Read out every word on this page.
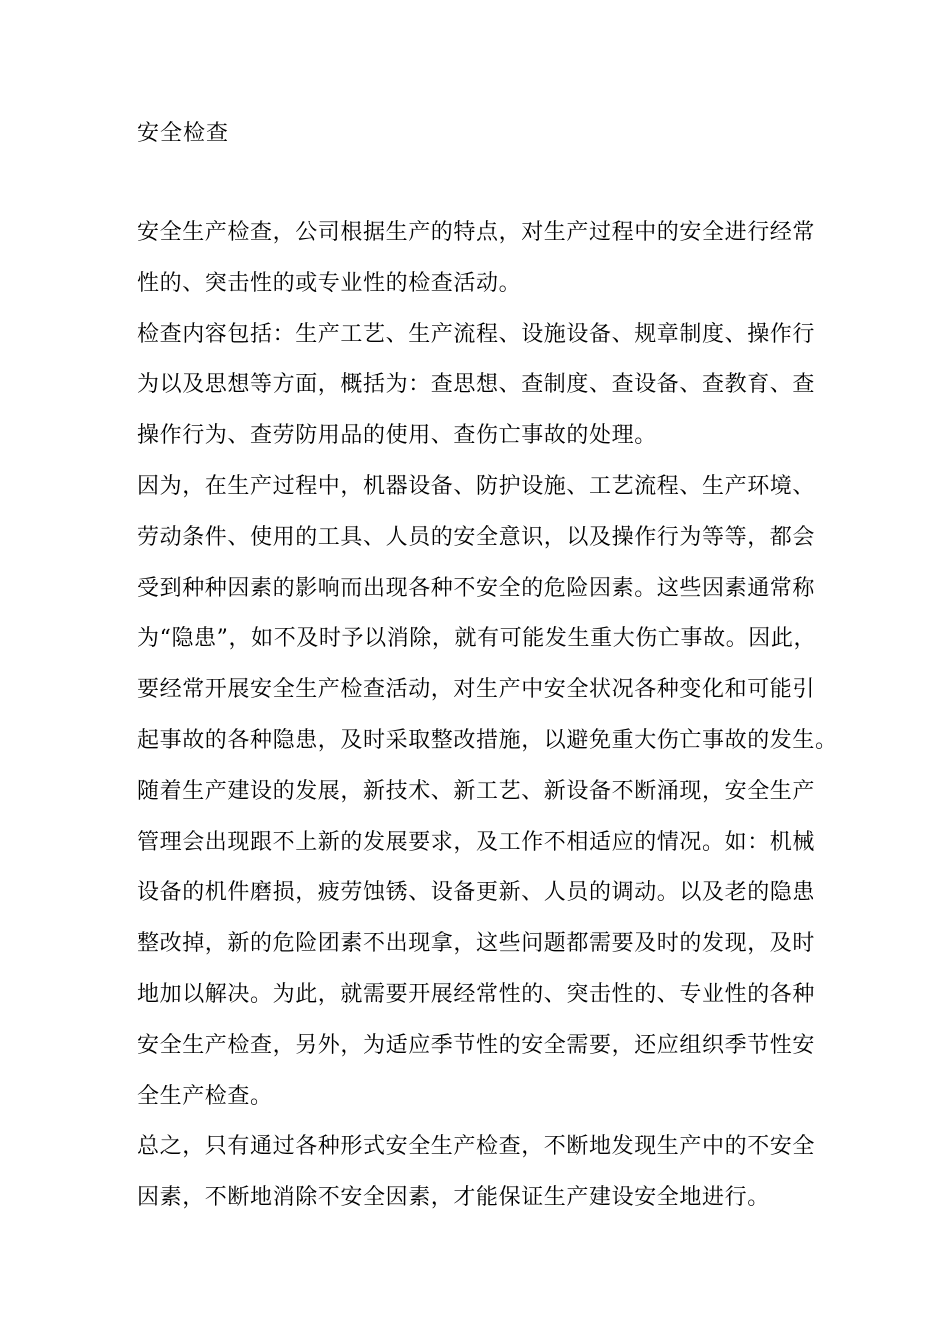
安全检查
安全生产检查，公司根据生产的特点，对生产过程中的安全进行经常
性的、突击性的或专业性的检查活动。
检查内容包括：生产工艺、生产流程、设施设备、规章制度、操作行
为以及思想等方面，概括为：查思想、查制度、查设备、查教育、查
操作行为、查劳防用品的使用、查伤亡事故的处理。
因为，在生产过程中，机器设备、防护设施、工艺流程、生产环境、
劳动条件、使用的工具、人员的安全意识，以及操作行为等等，都会
受到种种因素的影响而出现各种不安全的危险因素。这些因素通常称
为“隐患”，如不及时予以消除，就有可能发生重大伤亡事故。因此，
要经常开展安全生产检查活动，对生产中安全状况各种变化和可能引
起事故的各种隐患，及时采取整改措施，以避免重大伤亡事故的发生。
随着生产建设的发展，新技术、新工艺、新设备不断涌现，安全生产
管理会出现跟不上新的发展要求，及工作不相适应的情况。如：机械
设备的机件磨损，疲劳蚀锈、设备更新、人员的调动。以及老的隐患
整改掉，新的危险团素不出现拿，这些问题都需要及时的发现，及时
地加以解决。为此，就需要开展经常性的、突击性的、专业性的各种
安全生产检查，另外，为适应季节性的安全需要，还应组织季节性安
全生产检查。
总之，只有通过各种形式安全生产检查，不断地发现生产中的不安全
因素，不断地消除不安全因素，才能保证生产建设安全地进行。
